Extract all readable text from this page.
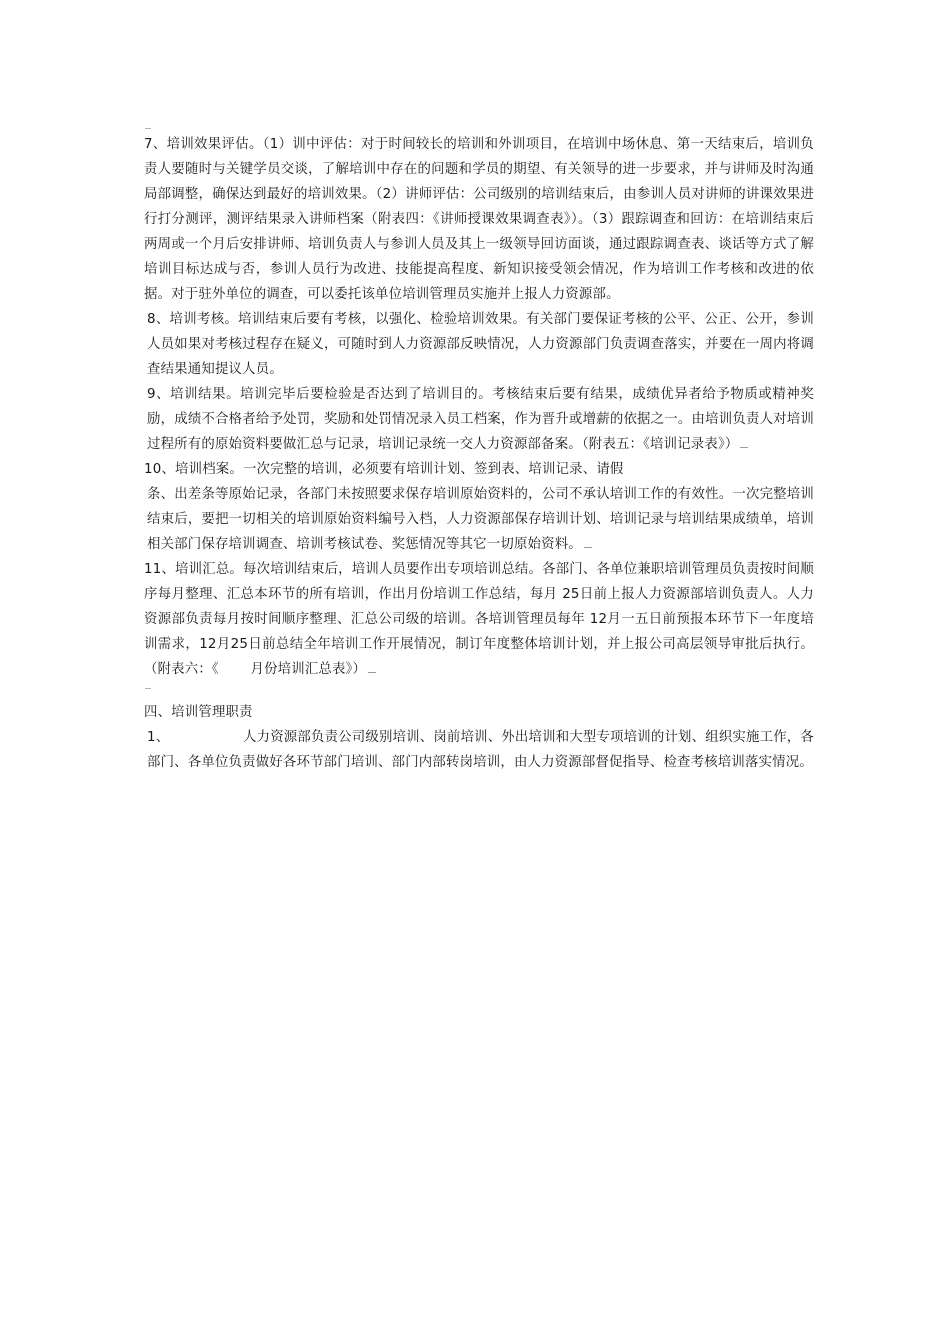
7、培训效果评估。（1）训中评估：对于时间较长的培训和外训项目，在培训中场休息、第一天结束后，培训负责人要随时与关键学员交谈，了解培训中存在的问题和学员的期望、有关领导的进一步要求，并与讲师及时沟通局部调整，确保达到最好的培训效果。（2）讲师评估：公司级别的培训结束后，由参训人员对讲师的讲课效果进行打分测评，测评结果录入讲师档案（附表四：《讲师授课效果调查表》）。（3）跟踪调查和回访：在培训结束后两周或一个月后安排讲师、培训负责人与参训人员及其上一级领导回访面谈，通过跟踪调查表、谈话等方式了解培训目标达成与否，参训人员行为改进、技能提高程度、新知识接受领会情况，作为培训工作考核和改进的依据。对于驻外单位的调查，可以委托该单位培训管理员实施并上报人力资源部。

8、培训考核。培训结束后要有考核，以强化、检验培训效果。有关部门要保证考核的公平、公正、公开，参训人员如果对考核过程存在疑义，可随时到人力资源部反映情况，人力资源部门负责调查落实，并要在一周内将调查结果通知提议人员。

9、培训结果。培训完毕后要检验是否达到了培训目的。考核结束后要有结果，成绩优异者给予物质或精神奖励，成绩不合格者给予处罚，奖励和处罚情况录入员工档案，作为晋升或增薪的依据之一。由培训负责人对培训过程所有的原始资料要做汇总与记录，培训记录统一交人力资源部备案。（附表五：《培训记录表》）

10、培训档案。一次完整的培训，必须要有培训计划、签到表、培训记录、请假

条、出差条等原始记录，各部门未按照要求保存培训原始资料的，公司不承认培训工作的有效性。一次完整培训结束后，要把一切相关的培训原始资料编号入档，人力资源部保存培训计划、培训记录与培训结果成绩单，培训相关部门保存培训调查、培训考核试卷、奖惩情况等其它一切原始资料。

11、培训汇总。每次培训结束后，培训人员要作出专项培训总结。各部门、各单位兼职培训管理员负责按时间顺序每月整理、汇总本环节的所有培训，作出月份培训工作总结，每月 25日前上报人力资源部培训负责人。人力资源部负责每月按时间顺序整理、汇总公司级的培训。各培训管理员每年 12月一五日前预报本环节下一年度培训需求，12月25日前总结全年培训工作开展情况，制订年度整体培训计划，并上报公司高层领导审批后执行。（附表六：《　　 月份培训汇总表》）

四、培训管理职责

1、	人力资源部负责公司级别培训、岗前培训、外出培训和大型专项培训的计划、组织实施工作，各部门、各单位负责做好各环节部门培训、部门内部转岗培训，由人力资源部督促指导、检查考核培训落实情况。
